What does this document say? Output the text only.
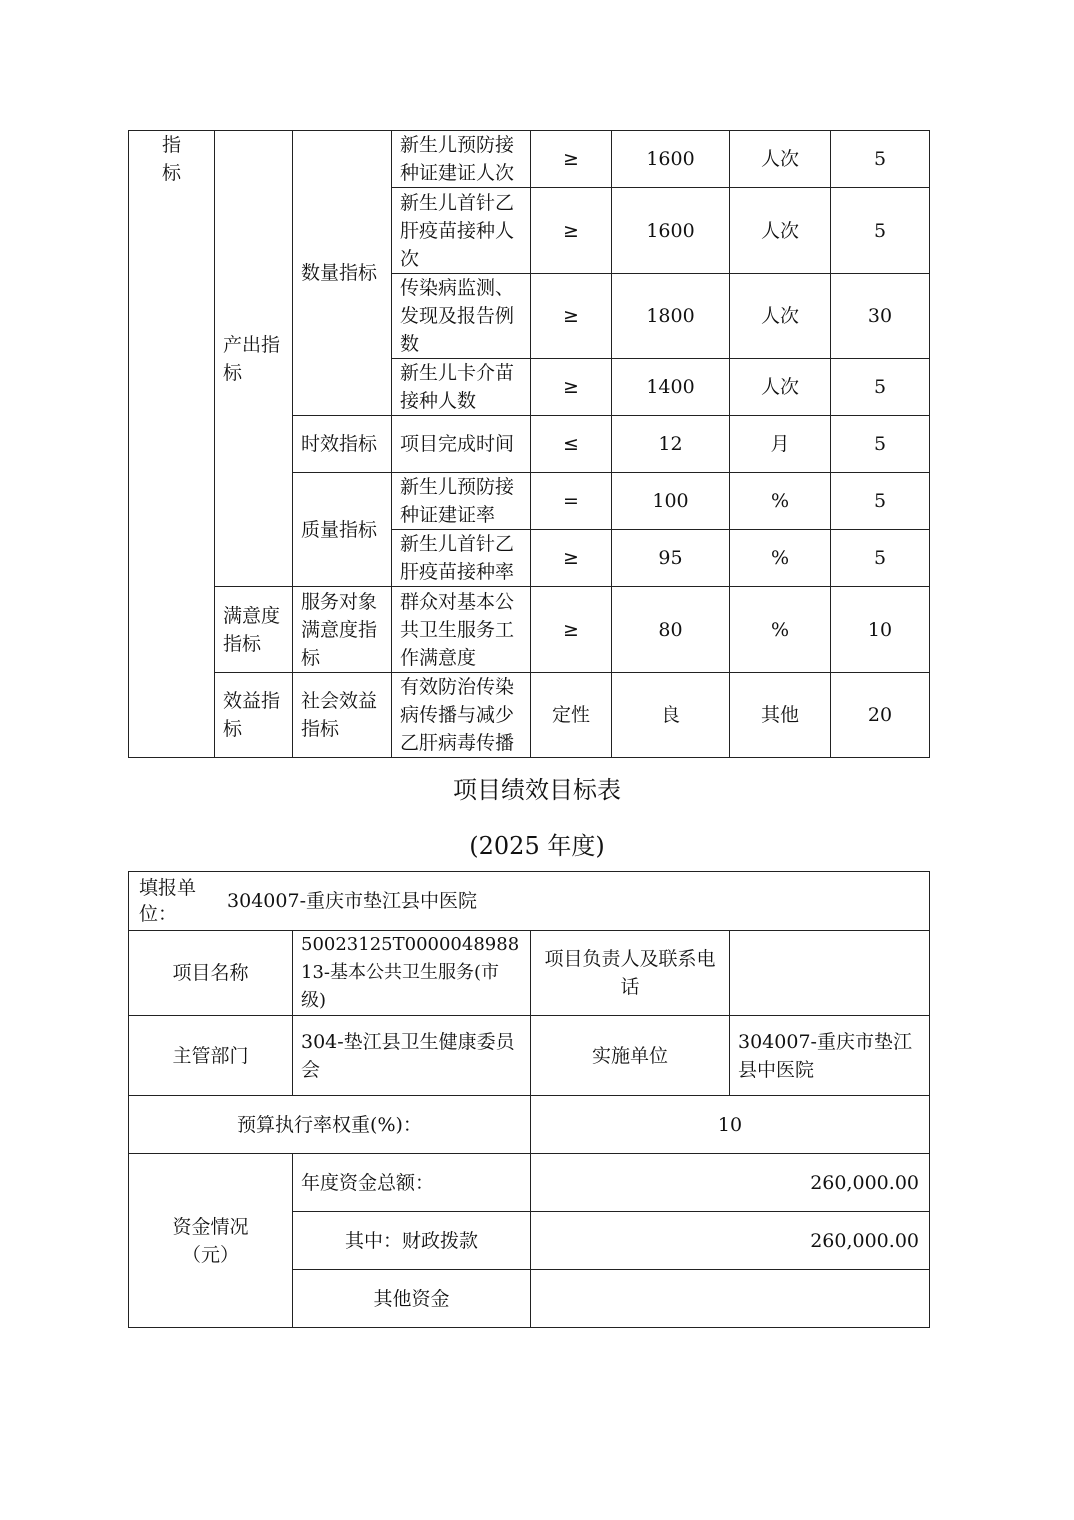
指标	产出指标	数量指标	新生儿预防接种证建证人次	≥	1600	人次	5
			新生儿首针乙肝疫苗接种人次	≥	1600	人次	5
			传染病监测、发现及报告例数	≥	1800	人次	30
			新生儿卡介苗接种人数	≥	1400	人次	5
		时效指标	项目完成时间	≤	12	月	5
		质量指标	新生儿预防接种证建证率	=	100	%	5
			新生儿首针乙肝疫苗接种率	≥	95	%	5
	满意度指标	服务对象满意度指标	群众对基本公共卫生服务工作满意度	≥	80	%	10
	效益指标	社会效益指标	有效防治传染病传播与减少乙肝病毒传播	定性	良	其他	20
项目绩效目标表
(2025 年度)
填报单位： 304007-重庆市垫江县中医院			
项目名称	50023125T000004898813-基本公共卫生服务(市级)	项目负责人及联系电话	
主管部门	304-垫江县卫生健康委员会	实施单位	304007-重庆市垫江县中医院
预算执行率权重(%)：		10	

资金情况（元）	年度资金总额：	260,000.00	
	其中：财政拨款	260,000.00	
	其他资金		
